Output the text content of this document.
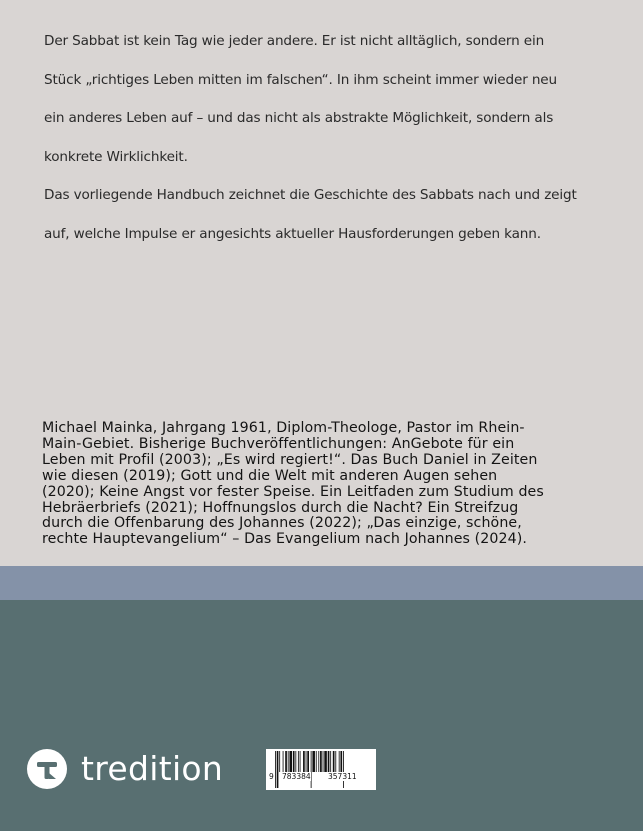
Der Sabbat ist kein Tag wie jeder andere. Er ist nicht alltäglich, sondern ein

Stück „richtiges Leben mitten im falschen“. In ihm scheint immer wieder neu

ein anderes Leben auf – und das nicht als abstrakte Möglichkeit, sondern als

konkrete Wirklichkeit.

Das vorliegende Handbuch zeichnet die Geschichte des Sabbats nach und zeigt

auf, welche Impulse er angesichts aktueller Hausforderungen geben kann.

Michael Mainka, Jahrgang 1961, Diplom-Theologe, Pastor im Rhein-
Main-Gebiet. Bisherige Buchveröffentlichungen: AnGebote für ein
Leben mit Profil (2003); „Es wird regiert!“. Das Buch Daniel in Zeiten
wie diesen (2019); Gott und die Welt mit anderen Augen sehen
(2020); Keine Angst vor fester Speise. Ein Leitfaden zum Studium des
Hebräerbriefs (2021); Hoffnungslos durch die Nacht? Ein Streifzug
durch die Offenbarung des Johannes (2022); „Das einzige, schöne,
rechte Hauptevangelium“ – Das Evangelium nach Johannes (2024).
tredition	9 783384 357311
